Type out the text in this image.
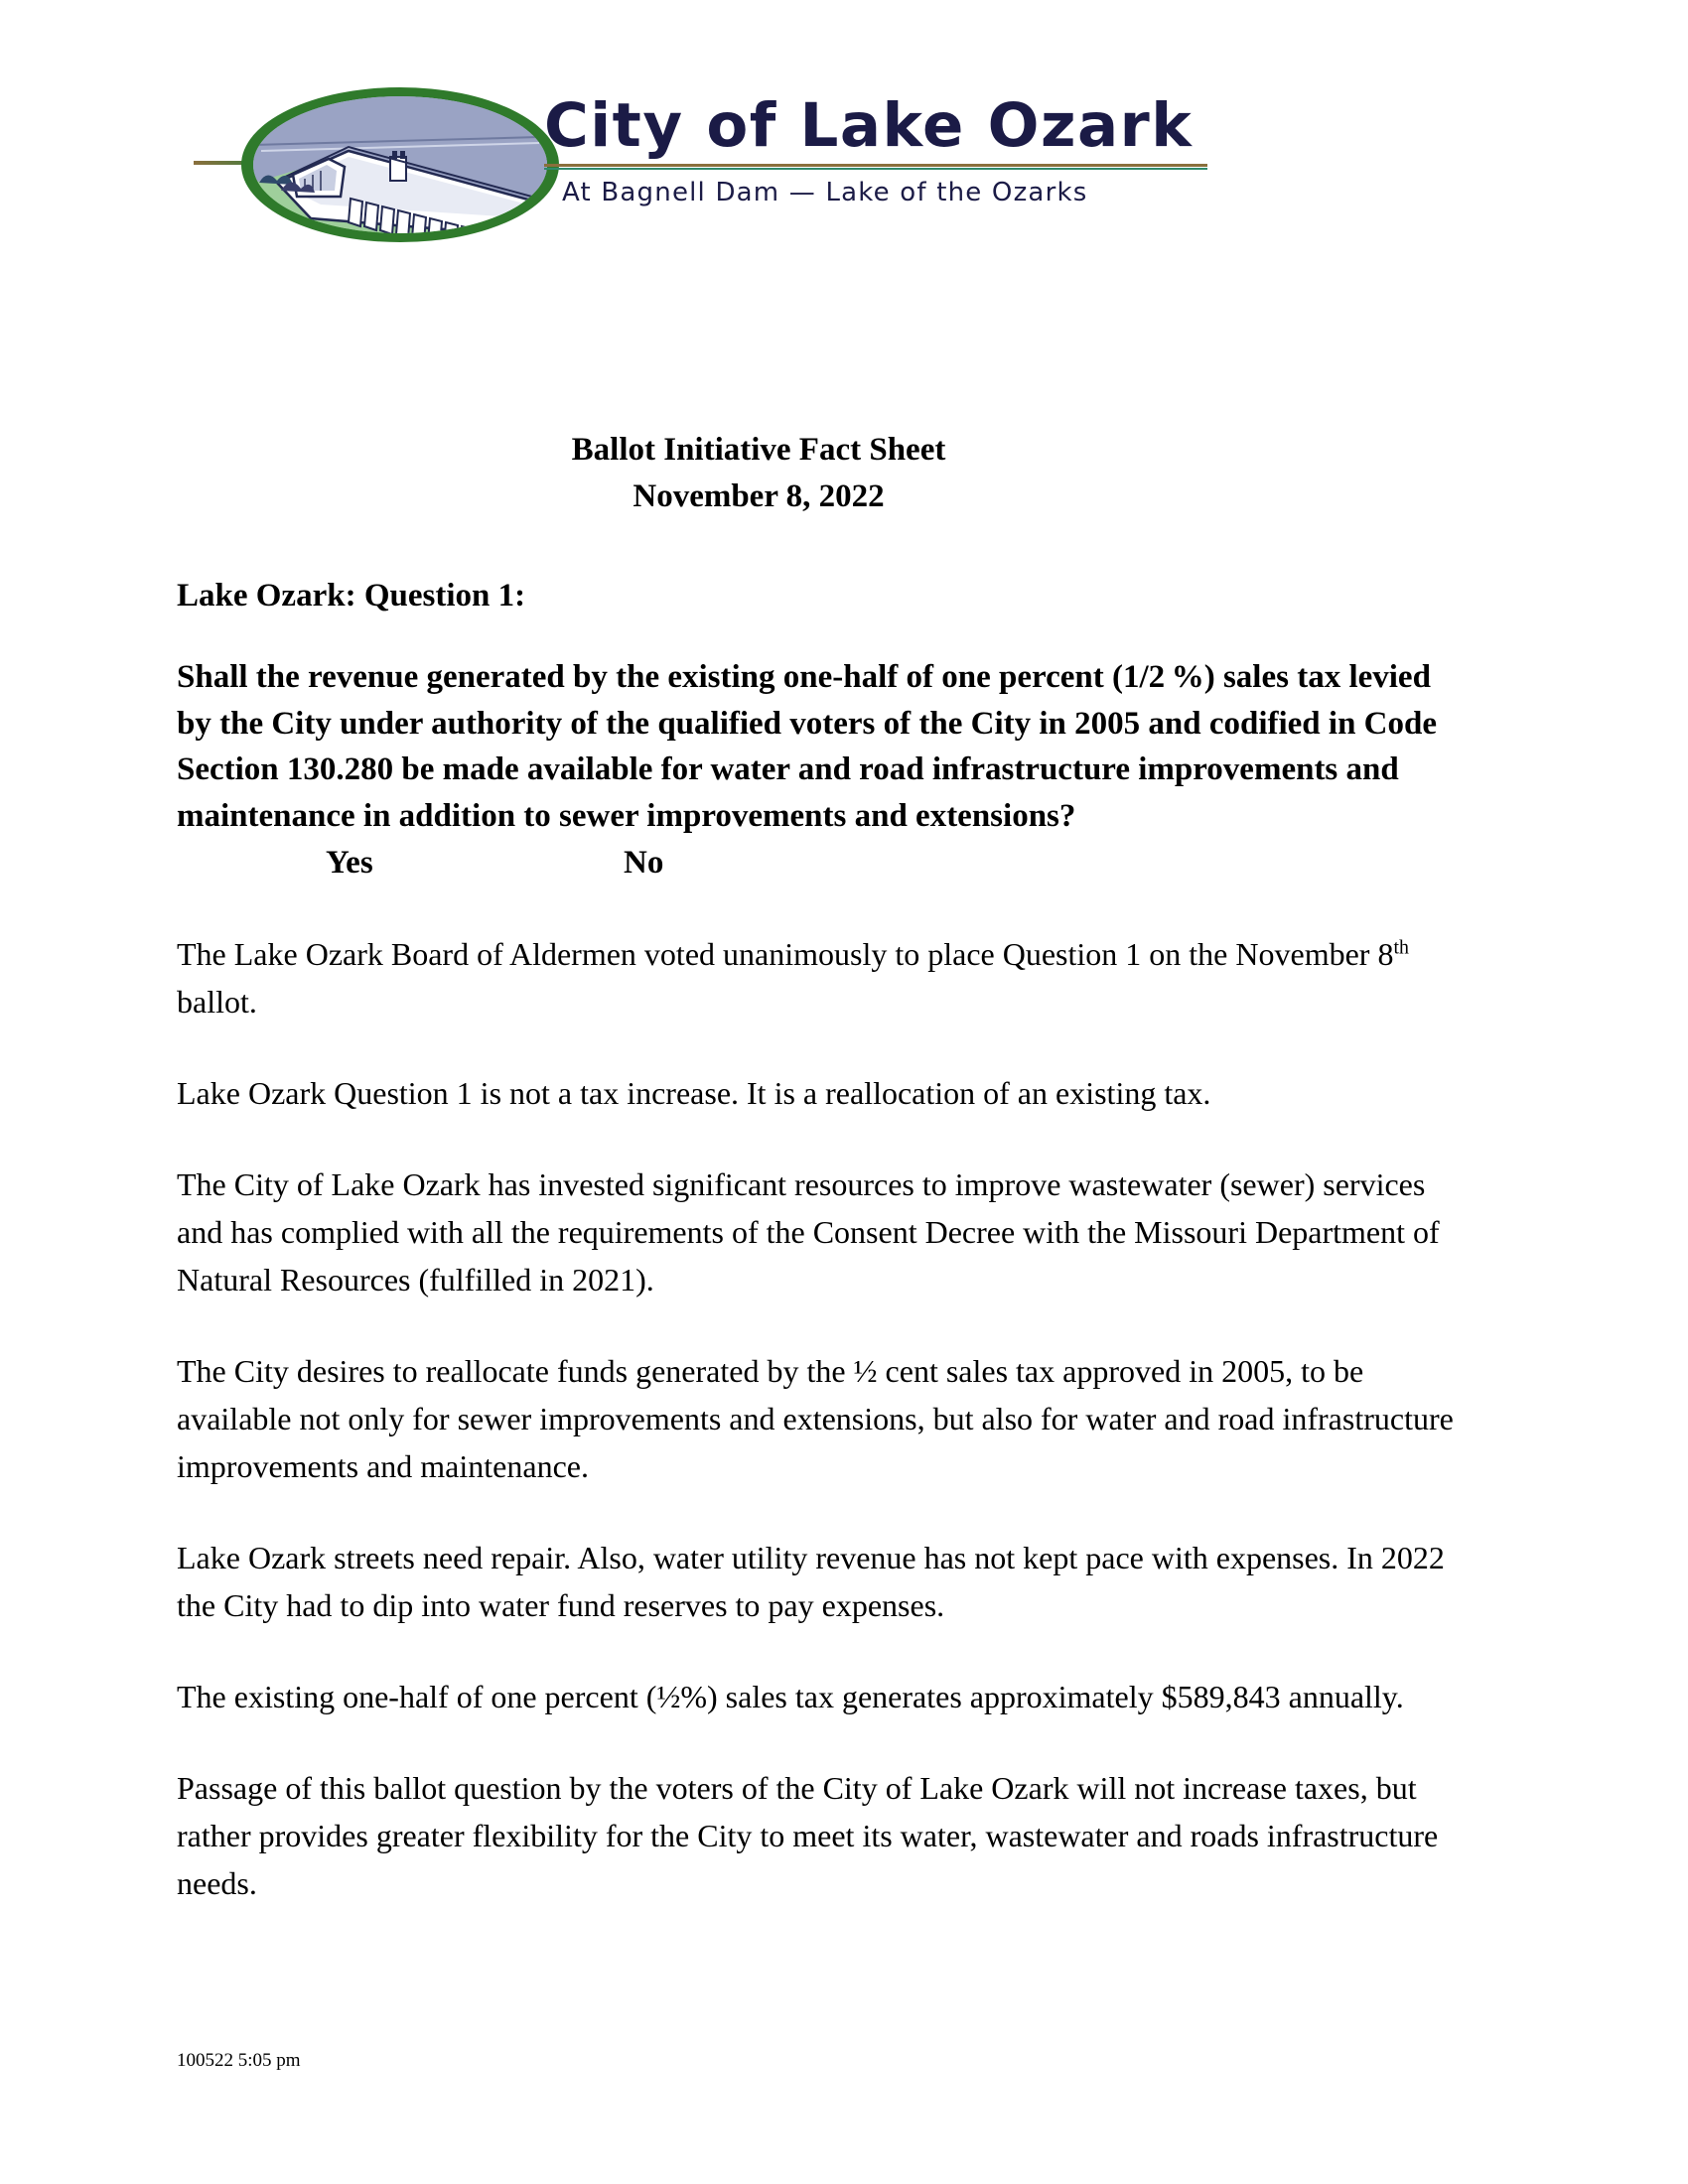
City of Lake Ozark
At Bagnell Dam — Lake of the Ozarks
Ballot Initiative Fact Sheet
November 8, 2022
Lake Ozark: Question 1:
Shall the revenue generated by the existing one-half of one percent (1/2 %) sales tax levied by the City under authority of the qualified voters of the City in 2005 and codified in Code Section 130.280 be made available for water and road infrastructure improvements and maintenance in addition to sewer improvements and extensions?Yes	No
The Lake Ozark Board of Aldermen voted unanimously to place Question 1 on the November 8th ballot.
Lake Ozark Question 1 is not a tax increase. It is a reallocation of an existing tax.
The City of Lake Ozark has invested significant resources to improve wastewater (sewer) services and has complied with all the requirements of the Consent Decree with the Missouri Department of Natural Resources (fulfilled in 2021).
The City desires to reallocate funds generated by the ½ cent sales tax approved in 2005, to be available not only for sewer improvements and extensions, but also for water and road infrastructure improvements and maintenance.
Lake Ozark streets need repair. Also, water utility revenue has not kept pace with expenses. In 2022 the City had to dip into water fund reserves to pay expenses.
The existing one-half of one percent (½%) sales tax generates approximately $589,843 annually.
Passage of this ballot question by the voters of the City of Lake Ozark will not increase taxes, but rather provides greater flexibility for the City to meet its water, wastewater and roads infrastructure needs.
100522 5:05 pm
